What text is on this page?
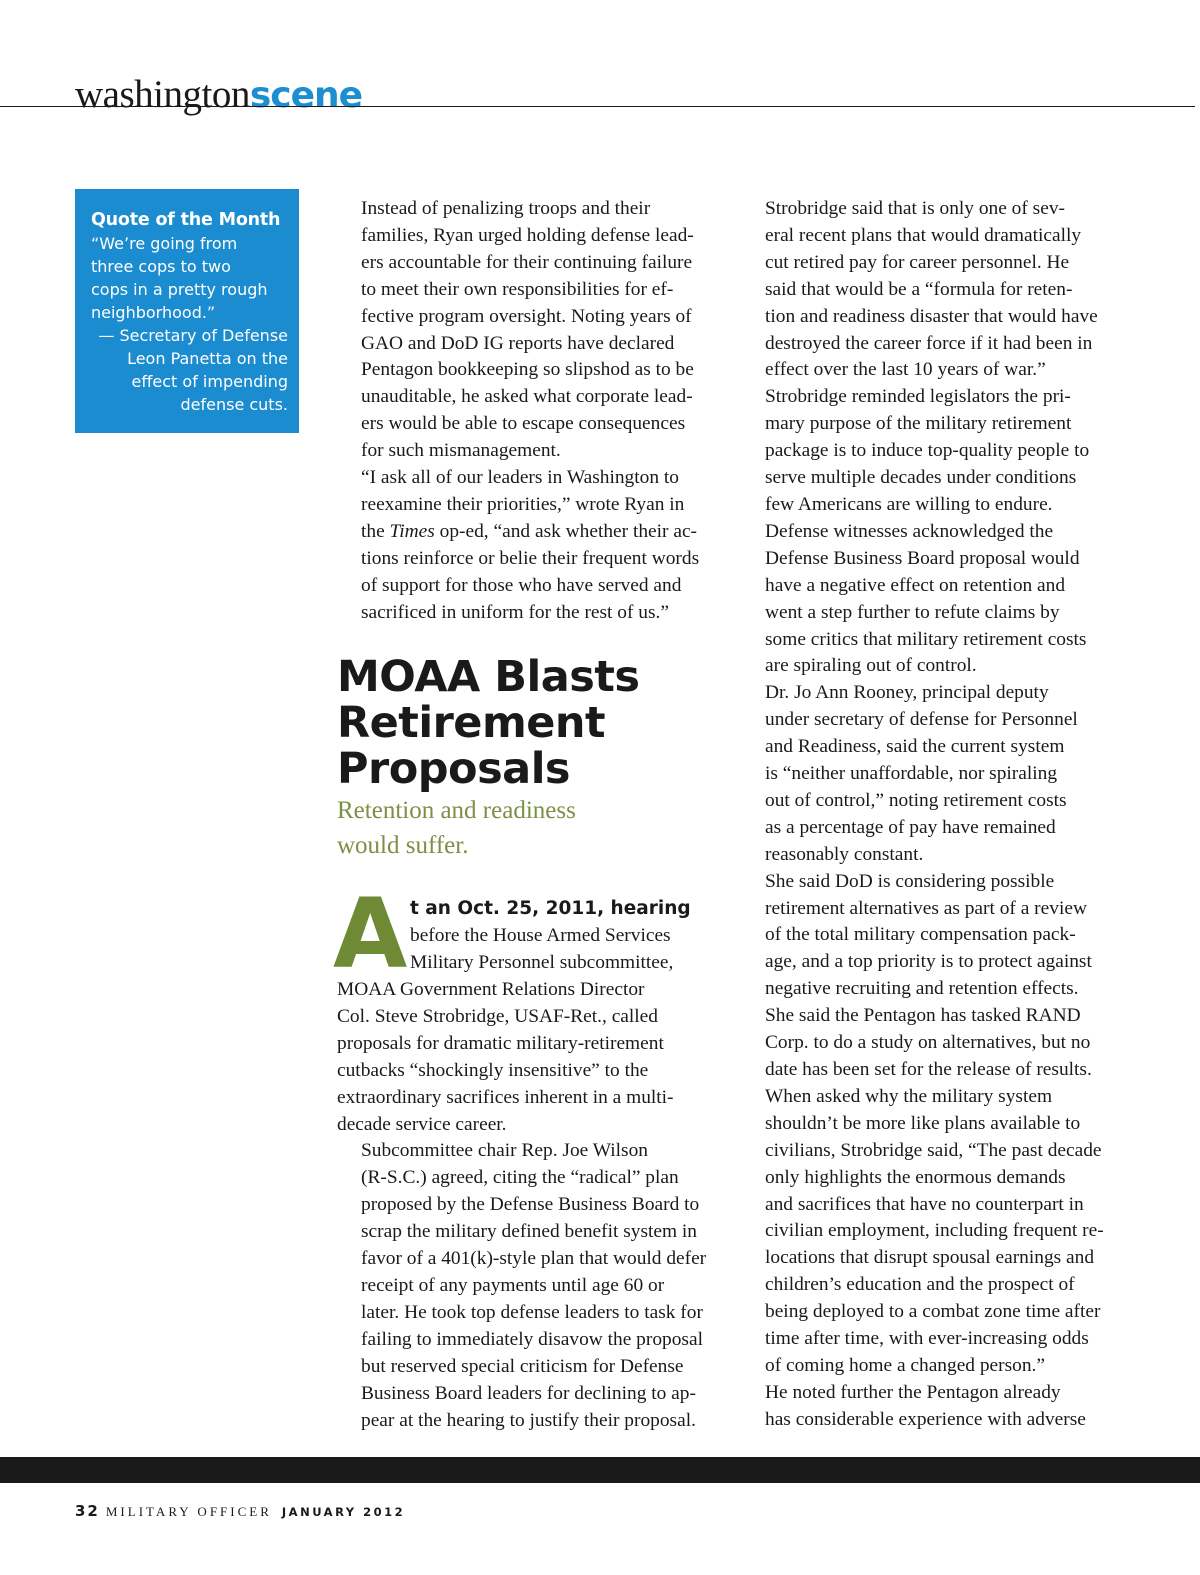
washingtonscene
Quote of the Month
“We’re going from
three cops to two
cops in a pretty rough
neighborhood.”
— Secretary of Defense
Leon Panetta on the
effect of impending
defense cuts.

Instead of penalizing troops and their
families, Ryan urged holding defense lead-
ers accountable for their continuing failure
to meet their own responsibilities for ef-
fective program oversight. Noting years of
GAO and DoD IG reports have declared
Pentagon bookkeeping so slipshod as to be
unauditable, he asked what corporate lead-
ers would be able to escape consequences
for such mismanagement.

“I ask all of our leaders in Washington to
reexamine their priorities,” wrote Ryan in
the Times op-ed, “and ask whether their ac-
tions reinforce or belie their frequent words
of support for those who have served and
sacrificed in uniform for the rest of us.”

MOAA Blasts
Retirement
Proposals
Retention and readiness
would suffer.
A t an Oct. 25, 2011, hearing
before the House Armed Services
Military Personnel subcommittee,

MOAA Government Relations Director
Col. Steve Strobridge, USAF-Ret., called
proposals for dramatic military-retirement
cutbacks “shockingly insensitive” to the
extraordinary sacrifices inherent in a multi-
decade service career.

Subcommittee chair Rep. Joe Wilson
(R-S.C.) agreed, citing the “radical” plan
proposed by the Defense Business Board to
scrap the military defined benefit system in
favor of a 401(k)-style plan that would defer
receipt of any payments until age 60 or
later. He took top defense leaders to task for
failing to immediately disavow the proposal
but reserved special criticism for Defense
Business Board leaders for declining to ap-
pear at the hearing to justify their proposal.

Strobridge said that is only one of sev-
eral recent plans that would dramatically
cut retired pay for career personnel. He
said that would be a “formula for reten-
tion and readiness disaster that would have
destroyed the career force if it had been in
effect over the last 10 years of war.”

Strobridge reminded legislators the pri-
mary purpose of the military retirement
package is to induce top-quality people to
serve multiple decades under conditions
few Americans are willing to endure.

Defense witnesses acknowledged the
Defense Business Board proposal would
have a negative effect on retention and
went a step further to refute claims by
some critics that military retirement costs
are spiraling out of control.

Dr. Jo Ann Rooney, principal deputy
under secretary of defense for Personnel
and Readiness, said the current system
is “neither unaffordable, nor spiraling
out of control,” noting retirement costs
as a percentage of pay have remained
reasonably constant.

She said DoD is considering possible
retirement alternatives as part of a review
of the total military compensation pack-
age, and a top priority is to protect against
negative recruiting and retention effects.
She said the Pentagon has tasked RAND
Corp. to do a study on alternatives, but no
date has been set for the release of results.

When asked why the military system
shouldn’t be more like plans available to
civilians, Strobridge said, “The past decade
only highlights the enormous demands
and sacrifices that have no counterpart in
civilian employment, including frequent re-
locations that disrupt spousal earnings and
children’s education and the prospect of
being deployed to a combat zone time after
time after time, with ever-increasing odds
of coming home a changed person.”

He noted further the Pentagon already
has considerable experience with adverse

32 MILITARY OFFICER JANUARY 2012
